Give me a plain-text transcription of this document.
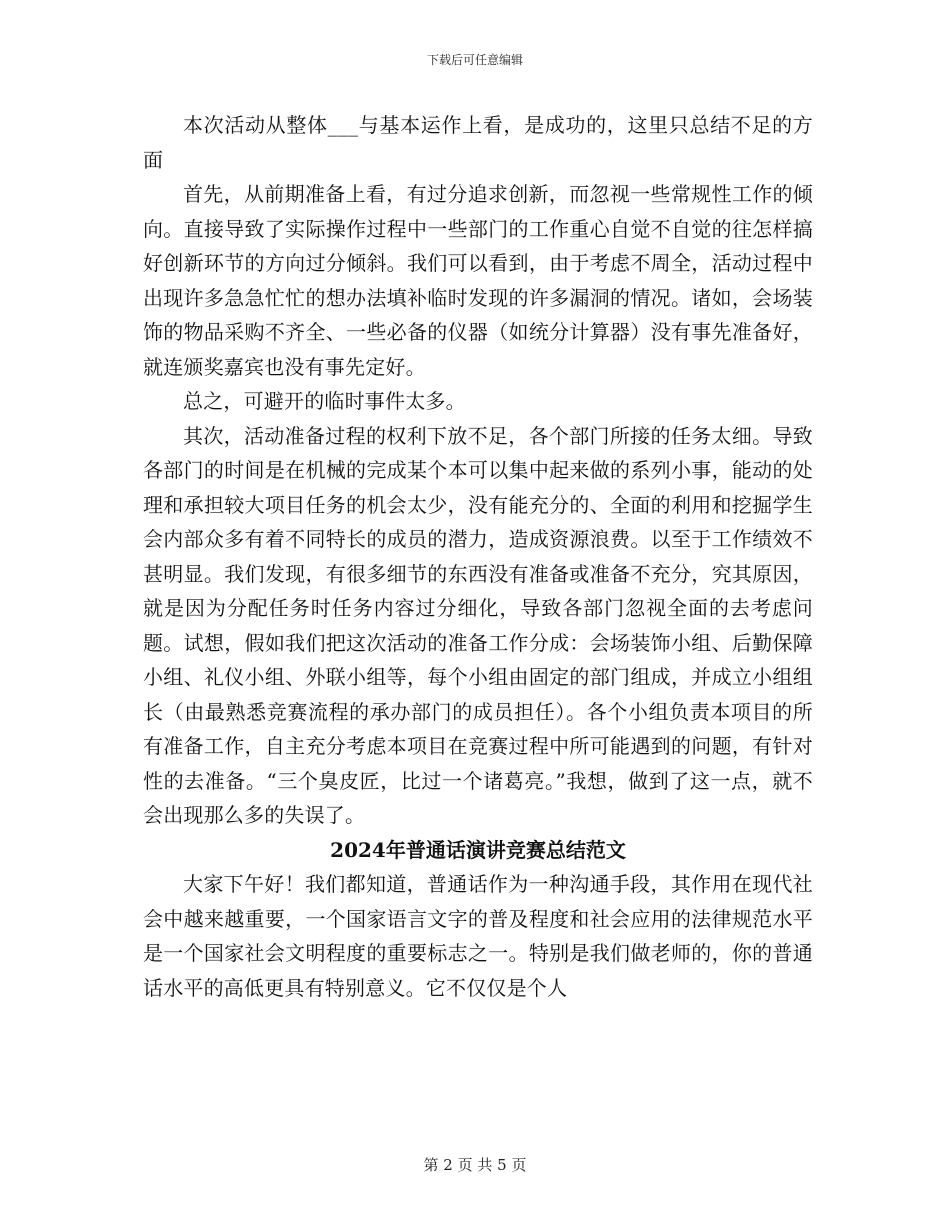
下载后可任意编辑

本次活动从整体___与基本运作上看，是成功的，这里只总结不足的方面

首先，从前期准备上看，有过分追求创新，而忽视一些常规性工作的倾向。直接导致了实际操作过程中一些部门的工作重心自觉不自觉的往怎样搞好创新环节的方向过分倾斜。我们可以看到，由于考虑不周全，活动过程中出现许多急急忙忙的想办法填补临时发现的许多漏洞的情况。诸如，会场装饰的物品采购不齐全、一些必备的仪器（如统分计算器）没有事先准备好，就连颁奖嘉宾也没有事先定好。

总之，可避开的临时事件太多。

其次，活动准备过程的权利下放不足，各个部门所接的任务太细。导致各部门的时间是在机械的完成某个本可以集中起来做的系列小事，能动的处理和承担较大项目任务的机会太少，没有能充分的、全面的利用和挖掘学生会内部众多有着不同特长的成员的潜力，造成资源浪费。以至于工作绩效不甚明显。我们发现，有很多细节的东西没有准备或准备不充分，究其原因，就是因为分配任务时任务内容过分细化，导致各部门忽视全面的去考虑问题。试想，假如我们把这次活动的准备工作分成：会场装饰小组、后勤保障小组、礼仪小组、外联小组等，每个小组由固定的部门组成，并成立小组组长（由最熟悉竞赛流程的承办部门的成员担任）。各个小组负责本项目的所有准备工作，自主充分考虑本项目在竞赛过程中所可能遇到的问题，有针对性的去准备。“三个臭皮匠，比过一个诸葛亮。”我想，做到了这一点，就不会出现那么多的失误了。

2024年普通话演讲竞赛总结范文

大家下午好！我们都知道，普通话作为一种沟通手段，其作用在现代社会中越来越重要，一个国家语言文字的普及程度和社会应用的法律规范水平是一个国家社会文明程度的重要标志之一。特别是我们做老师的，你的普通话水平的高低更具有特别意义。它不仅仅是个人

第 2 页 共 5 页
